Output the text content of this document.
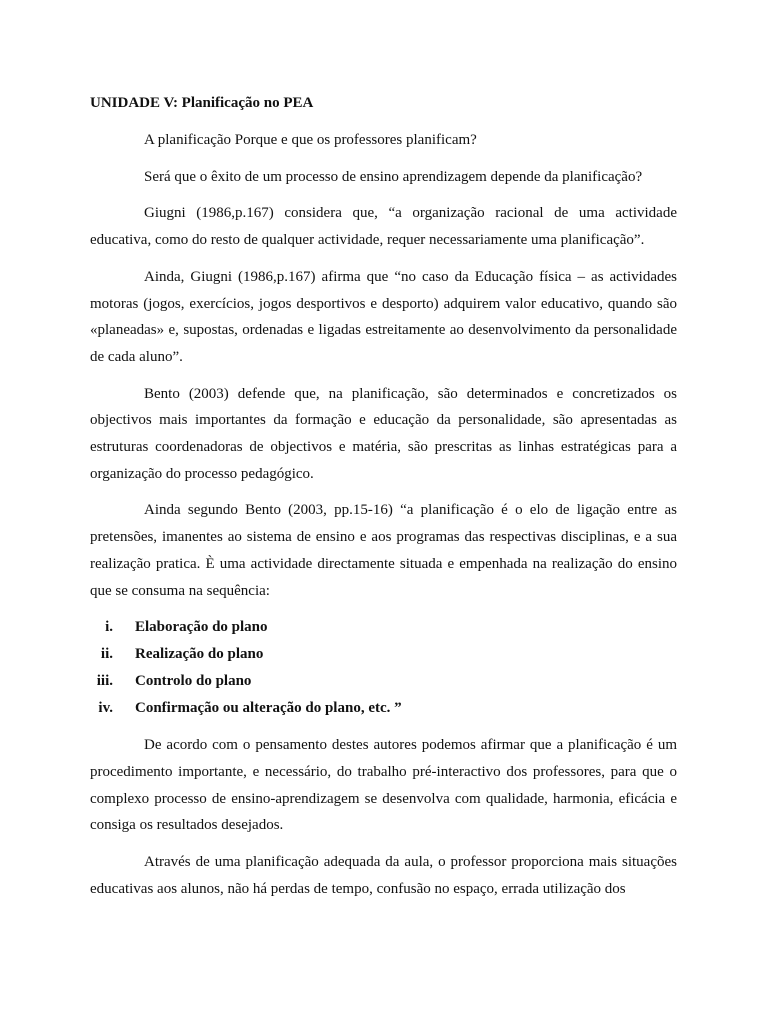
UNIDADE V: Planificação no PEA

A planificação Porque e que os professores planificam?

Será que o êxito de um processo de ensino aprendizagem depende da planificação?

Giugni (1986,p.167) considera que, “a organização racional de uma actividade educativa, como do resto de qualquer actividade, requer necessariamente uma planificação”.

Ainda, Giugni (1986,p.167) afirma que “no caso da Educação física – as actividades motoras (jogos, exercícios, jogos desportivos e desporto) adquirem valor educativo, quando são «planeadas» e, supostas, ordenadas e ligadas estreitamente ao desenvolvimento da personalidade de cada aluno”.

Bento (2003) defende que, na planificação, são determinados e concretizados os objectivos mais importantes da formação e educação da personalidade, são apresentadas as estruturas coordenadoras de objectivos e matéria, são prescritas as linhas estratégicas para a organização do processo pedagógico.

Ainda segundo Bento (2003, pp.15-16) “a planificação é o elo de ligação entre as pretensões, imanentes ao sistema de ensino e aos programas das respectivas disciplinas, e a sua realização pratica. È uma actividade directamente situada e empenhada na realização do ensino que se consuma na sequência:

i. Elaboração do plano
ii. Realização do plano
iii. Controlo do plano
iv. Confirmação ou alteração do plano, etc. ”

De acordo com o pensamento destes autores podemos afirmar que a planificação é um procedimento importante, e necessário, do trabalho pré-interactivo dos professores, para que o complexo processo de ensino-aprendizagem se desenvolva com qualidade, harmonia, eficácia e consiga os resultados desejados.

Através de uma planificação adequada da aula, o professor proporciona mais situações educativas aos alunos, não há perdas de tempo, confusão no espaço, errada utilização dos
